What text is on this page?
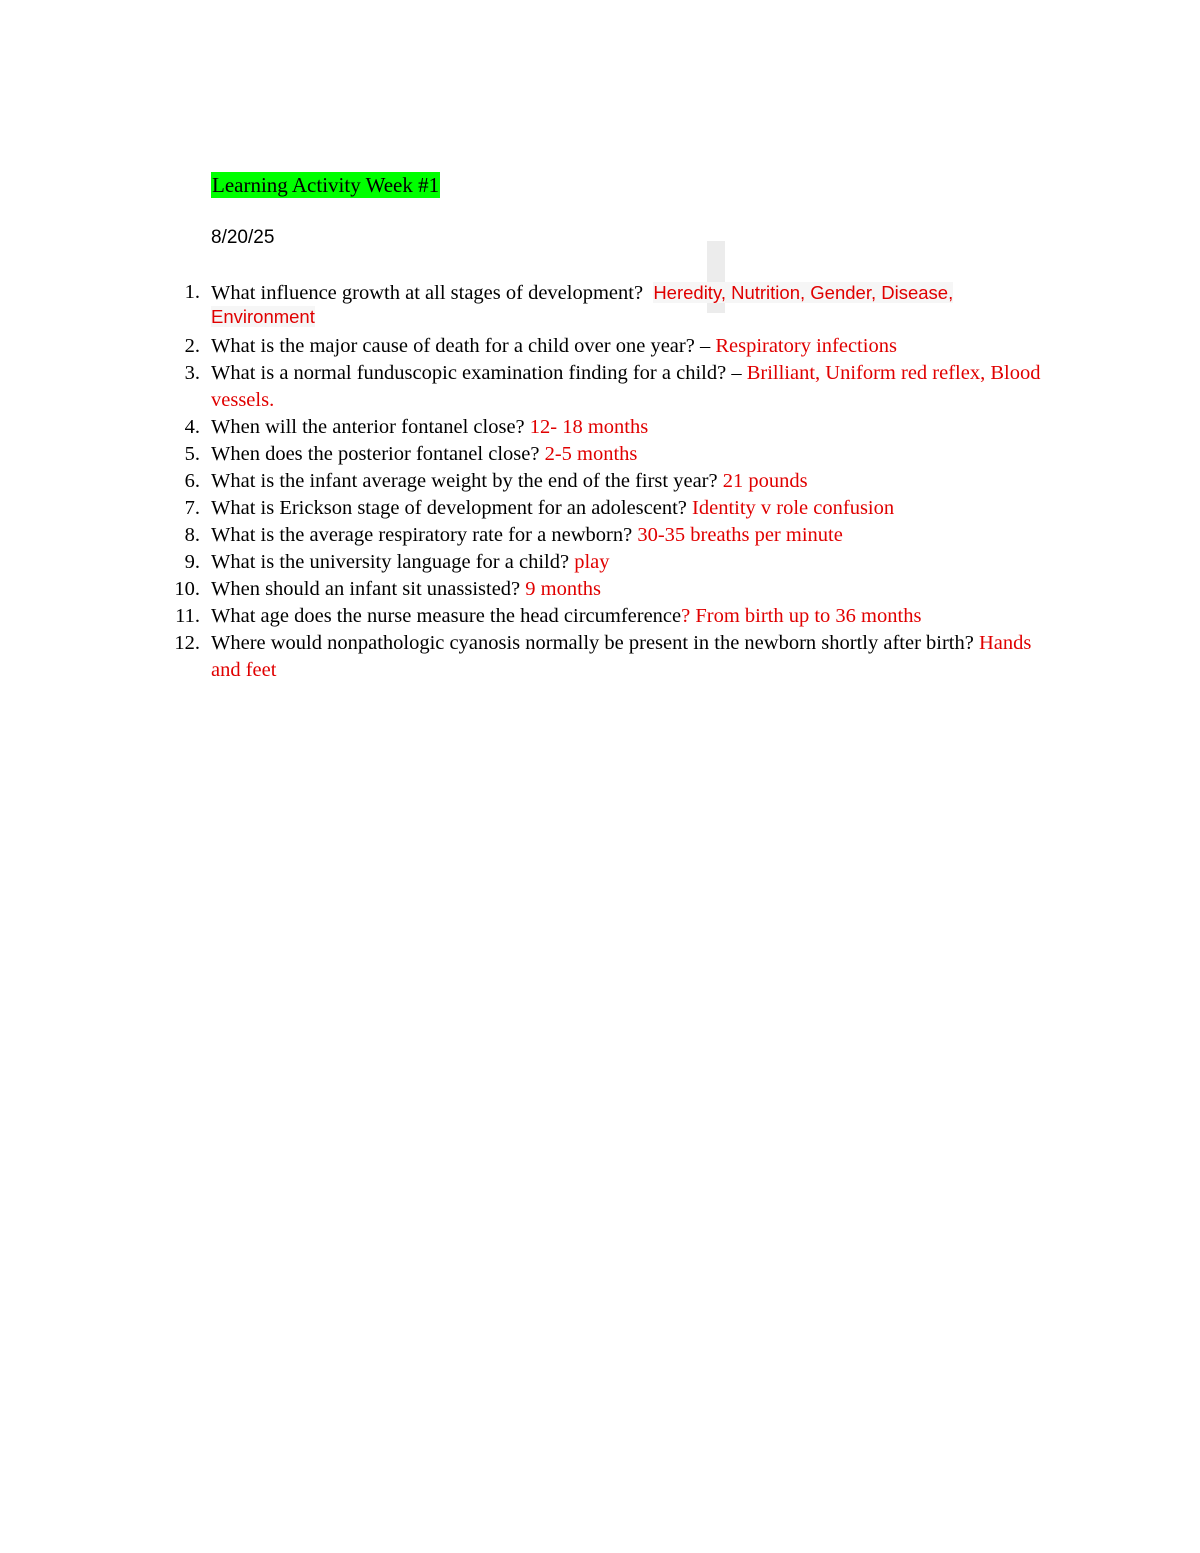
Learning Activity Week #1
8/20/25
1. What influence growth at all stages of development? Heredity, Nutrition, Gender, Disease, Environment
2. What is the major cause of death for a child over one year? – Respiratory infections
3. What is a normal funduscopic examination finding for a child? – Brilliant, Uniform red reflex, Blood vessels.
4. When will the anterior fontanel close? 12- 18 months
5. When does the posterior fontanel close? 2-5 months
6. What is the infant average weight by the end of the first year? 21 pounds
7. What is Erickson stage of development for an adolescent? Identity v role confusion
8. What is the average respiratory rate for a newborn? 30-35 breaths per minute
9. What is the university language for a child? play
10. When should an infant sit unassisted? 9 months
11. What age does the nurse measure the head circumference? From birth up to 36 months
12. Where would nonpathologic cyanosis normally be present in the newborn shortly after birth? Hands and feet
